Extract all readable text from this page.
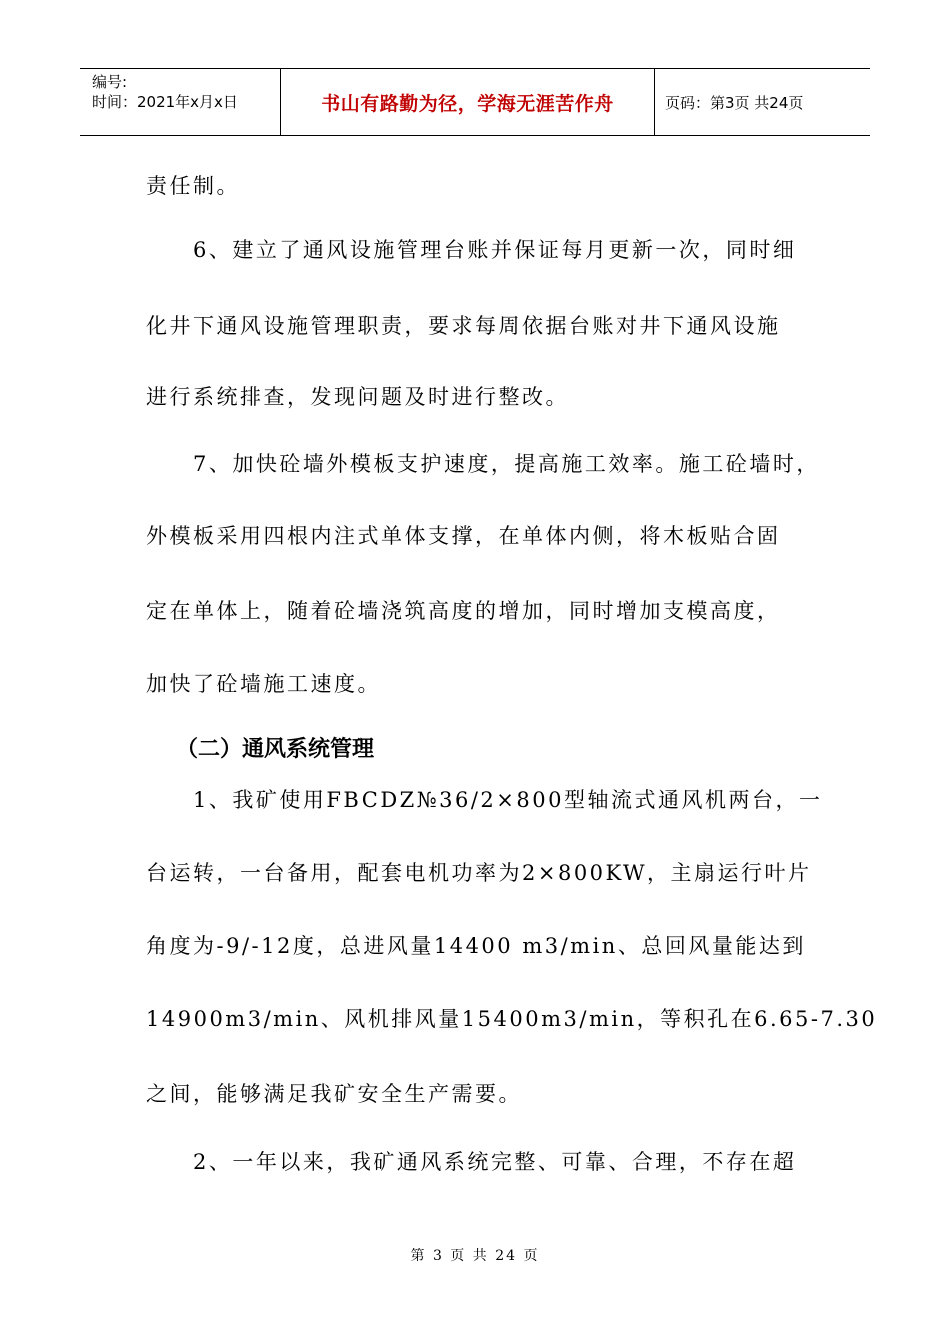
编号:
时间：2021年x月x日	书山有路勤为径，学海无涯苦作舟	页码：第3页 共24页
责任制。
6、建立了通风设施管理台账并保证每月更新一次，同时细
化井下通风设施管理职责，要求每周依据台账对井下通风设施
进行系统排查，发现问题及时进行整改。
7、加快砼墙外模板支护速度，提高施工效率。施工砼墙时，
外模板采用四根内注式单体支撑，在单体内侧，将木板贴合固
定在单体上，随着砼墙浇筑高度的增加，同时增加支模高度，
加快了砼墙施工速度。
（二）通风系统管理
1、我矿使用FBCDZ№36/2×800型轴流式通风机两台，一
台运转，一台备用，配套电机功率为2×800KW，主扇运行叶片
角度为-9/-12度，总进风量14400 m3/min、总回风量能达到
14900m3/min、风机排风量15400m3/min，等积孔在6.65-7.30
之间，能够满足我矿安全生产需要。
2、一年以来，我矿通风系统完整、可靠、合理，不存在超
第 3 页 共 24 页
